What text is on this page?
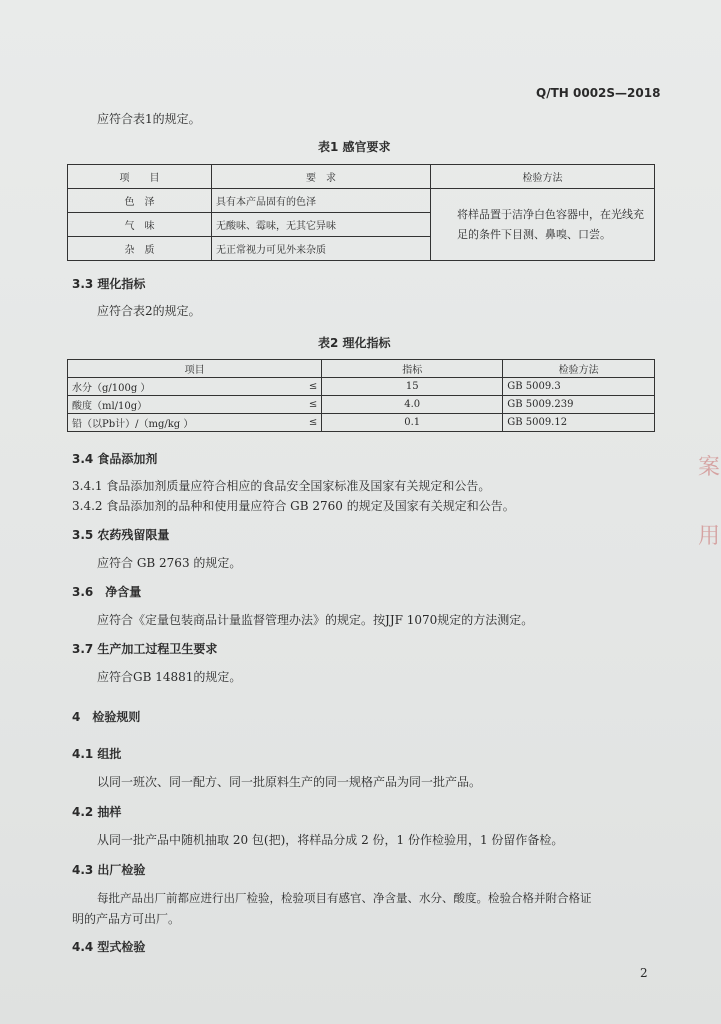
Q/TH 0002S—2018
应符合表1的规定。
表1 感官要求
项　　目	要　求	检验方法
色　泽	具有本产品固有的色泽	将样品置于洁净白色容器中，在光线充足的条件下目测、鼻嗅、口尝。
气　味	无酸味、霉味，无其它异味	
杂　质	无正常视力可见外来杂质	
3.3 理化指标
应符合表2的规定。
表2 理化指标
项目		指标	检验方法
水分（g/100g ）	≤	15	GB 5009.3
酸度（ml/10g）	≤	4.0	GB 5009.239
铅（以Pb计）/（mg/kg ）	≤	0.1	GB 5009.12
3.4 食品添加剂
3.4.1 食品添加剂质量应符合相应的食品安全国家标准及国家有关规定和公告。
3.4.2 食品添加剂的品种和使用量应符合 GB 2760 的规定及国家有关规定和公告。
3.5 农药残留限量
应符合 GB 2763 的规定。
3.6　净含量
应符合《定量包装商品计量监督管理办法》的规定。按JJF 1070规定的方法测定。
3.7 生产加工过程卫生要求
应符合GB 14881的规定。
4　检验规则
4.1 组批
以同一班次、同一配方、同一批原料生产的同一规格产品为同一批产品。
4.2 抽样
从同一批产品中随机抽取 20 包(把)，将样品分成 2 份，1 份作检验用，1 份留作备检。
4.3 出厂检验
每批产品出厂前都应进行出厂检验，检验项目有感官、净含量、水分、酸度。检验合格并附合格证
明的产品方可出厂。
4.4 型式检验
2
案
用
